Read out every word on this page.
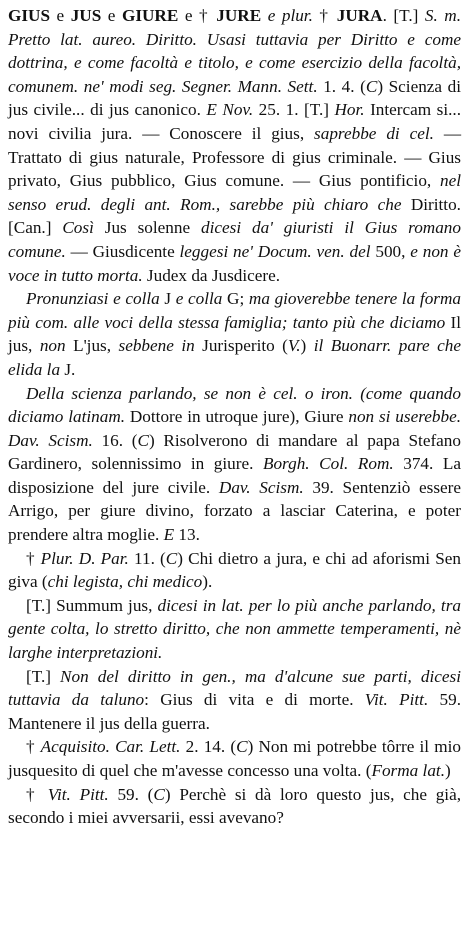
GIUS e JUS e GIURE e † JURE e plur. † JURA. [T.] S. m. Pretto lat. aureo. Diritto. Usasi tuttavia per Diritto e come dottrina, e come facoltà e titolo, e come esercizio della facoltà, comunem. ne' modi seg. Segner. Mann. Sett. 1. 4. (C) Scienza di jus civile... di jus canonico. E Nov. 25. 1. [T.] Hor. Intercam si... novi civilia jura. — Conoscere il gius, saprebbe di cel. — Trattato di gius naturale, Professore di gius criminale. — Gius privato, Gius pubblico, Gius comune. — Gius pontificio, nel senso erud. degli ant. Rom., sarebbe più chiaro che Diritto. [Can.] Così Jus solenne dicesi da' giuristi il Gius romano comune. — Giusdicente leggesi ne' Docum. ven. del 500, e non è voce in tutto morta. Judex da Jusdicere.

Pronunziasi e colla J e colla G; ma gioverebbe tenere la forma più com. alle voci della stessa famiglia; tanto più che diciamo Il jus, non L'jus, sebbene in Jurisperito (V.) il Buonarr. pare che elida la J.

Della scienza parlando, se non è cel. o iron. (come quando diciamo latinam. Dottore in utroque jure), Giure non si userebbe. Dav. Scism. 16. (C) Risolverono di mandare al papa Stefano Gardinero, solennissimo in giure. Borgh. Col. Rom. 374. La disposizione del jure civile. Dav. Scism. 39. Sentenziò essere Arrigo, per giure divino, forzato a lasciar Caterina, e poter prendere altra moglie. E 13.

† Plur. D. Par. 11. (C) Chi dietro a jura, e chi ad aforismi Sen giva (chi legista, chi medico).

[T.] Summum jus, dicesi in lat. per lo più anche parlando, tra gente colta, lo stretto diritto, che non ammette temperamenti, nè larghe interpretazioni.

[T.] Non del diritto in gen., ma d'alcune sue parti, dicesi tuttavia da taluno: Gius di vita e di morte. Vit. Pitt. 59. Mantenere il jus della guerra.

† Acquisito. Car. Lett. 2. 14. (C) Non mi potrebbe tôrre il mio jusquesito di quel che m'avesse concesso una volta. (Forma lat.)

† Vit. Pitt. 59. (C) Perchè si dà loro questo jus, che già, secondo i miei avversarii, essi avevano?
